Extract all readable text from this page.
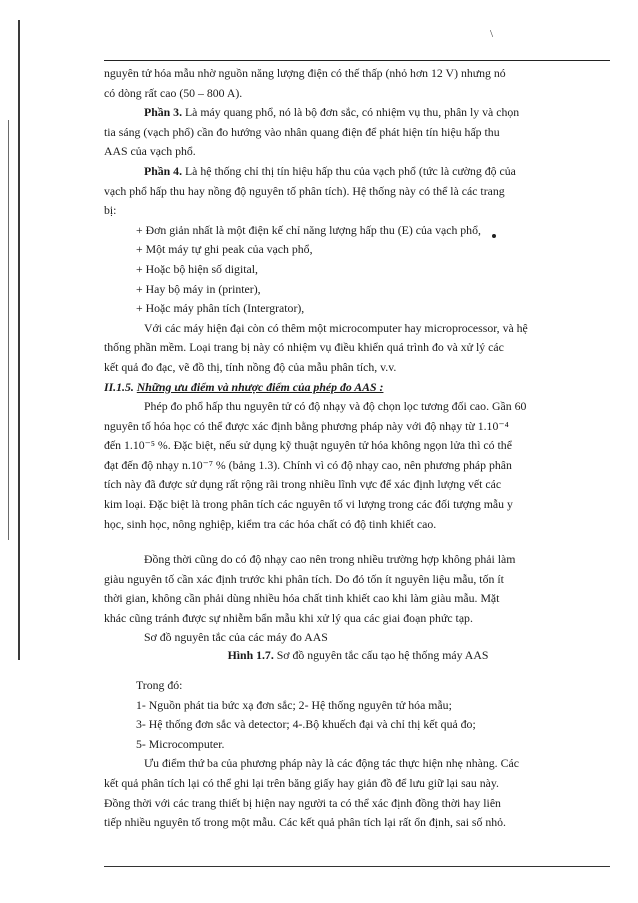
\
nguyên tử hóa mẫu nhờ nguồn năng lượng điện có thế thấp (nhỏ hơn 12 V) nhưng nó
có dòng rất cao (50 – 800 A).
Phần 3. Là máy quang phổ, nó là bộ đơn sắc, có nhiệm vụ thu, phân ly và chọn
tia sáng (vạch phổ) cần đo hướng vào nhân quang điện để phát hiện tín hiệu hấp thu
AAS của vạch phổ.
Phần 4. Là hệ thống chỉ thị tín hiệu hấp thu của vạch phổ (tức là cường độ của
vạch phổ hấp thu hay nồng độ nguyên tố phân tích). Hệ thống này có thể là các trang
bị:
+ Đơn giản nhất là một điện kế chỉ năng lượng hấp thu (E) của vạch phổ,
+ Một máy tự ghi peak của vạch phổ,
+ Hoặc bộ hiện số digital,
+ Hay bộ máy in (printer),
+ Hoặc máy phân tích (Intergrator),
Với các máy hiện đại còn có thêm một microcomputer hay microprocessor, và hệ
thống phần mềm. Loại trang bị này có nhiệm vụ điều khiển quá trình đo và xử lý các
kết quả đo đạc, vẽ đồ thị, tính nồng độ của mẫu phân tích, v.v.
II.1.5. Những ưu điểm và nhược điểm của phép đo AAS :
Phép đo phổ hấp thu nguyên tử có độ nhạy và độ chọn lọc tương đối cao. Gần 60
nguyên tố hóa học có thể được xác định bằng phương pháp này với độ nhạy từ 1.10⁻⁴
đến 1.10⁻⁵ %. Đặc biệt, nếu sử dụng kỹ thuật nguyên tử hóa không ngọn lửa thì có thể
đạt đến độ nhạy n.10⁻⁷ % (bảng 1.3). Chính vì có độ nhạy cao, nên phương pháp phân
tích này đã được sử dụng rất rộng rãi trong nhiều lĩnh vực để xác định lượng vết các
kim loại. Đặc biệt là trong phân tích các nguyên tố vi lượng trong các đối tượng mẫu y
học, sinh học, nông nghiệp, kiểm tra các hóa chất có độ tinh khiết cao.
Đồng thời cũng do có độ nhạy cao nên trong nhiều trường hợp không phải làm
giàu nguyên tố cần xác định trước khi phân tích. Do đó tốn ít nguyên liệu mẫu, tốn ít
thời gian, không cần phải dùng nhiều hóa chất tinh khiết cao khi làm giàu mẫu. Mặt
khác cũng tránh được sự nhiễm bẩn mẫu khi xử lý qua các giai đoạn phức tạp.
Sơ đồ nguyên tắc của các máy đo AAS
Hình 1.7. Sơ đồ nguyên tắc cấu tạo hệ thống máy AAS
Trong đó:
1- Nguồn phát tia bức xạ đơn sắc; 2- Hệ thống nguyên tử hóa mẫu;
3- Hệ thống đơn sắc và detector; 4-.Bộ khuếch đại và chỉ thị kết quả đo;
5- Microcomputer.
Ưu điểm thứ ba của phương pháp này là các động tác thực hiện nhẹ nhàng. Các
kết quả phân tích lại có thể ghi lại trên băng giấy hay giản đồ để lưu giữ lại sau này.
Đồng thời với các trang thiết bị hiện nay người ta có thể xác định đồng thời hay liên
tiếp nhiều nguyên tố trong một mẫu. Các kết quả phân tích lại rất ổn định, sai số nhỏ.
